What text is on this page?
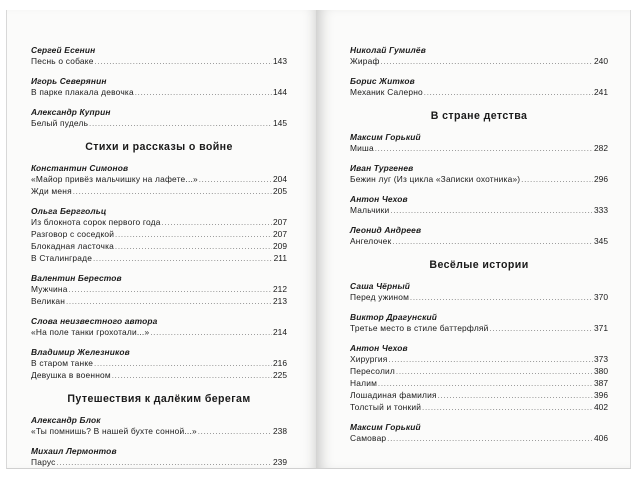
Сергей Есенин
Песнь о собаке .....	143
Игорь Северянин
В парке плакала девочка .....	144
Александр Куприн
Белый пудель .....	145
Стихи и рассказы о войне
Константин Симонов
«Майор привёз мальчишку на лафете...» .....	204
Жди меня .....	205
Ольга Берггольц
Из блокнота сорок первого года .....	207
Разговор с соседкой .....	207
Блокадная ласточка .....	209
В Сталинграде .....	211
Валентин Берестов
Мужчина .....	212
Великан .....	213
Слова неизвестного автора
«На поле танки грохотали...» .....	214
Владимир Железников
В старом танке .....	216
Девушка в военном .....	225
Путешествия к далёким берегам
Александр Блок
«Ты помнишь? В нашей бухте сонной...» .....	238
Михаил Лермонтов
Парус .....	239
Николай Гумилёв
Жираф .....	240
Борис Житков
Механик Салерно .....	241
В стране детства
Максим Горький
Миша .....	282
Иван Тургенев
Бежин луг (Из цикла «Записки охотника») .....	296
Антон Чехов
Мальчики .....	333
Леонид Андреев
Ангелочек .....	345
Весёлые истории
Саша Чёрный
Перед ужином .....	370
Виктор Драгунский
Третье место в стиле баттерфляй .....	371
Антон Чехов
Хирургия .....	373
Пересолил .....	380
Налим .....	387
Лошадиная фамилия .....	396
Толстый и тонкий .....	402
Максим Горький
Самовар .....	406
